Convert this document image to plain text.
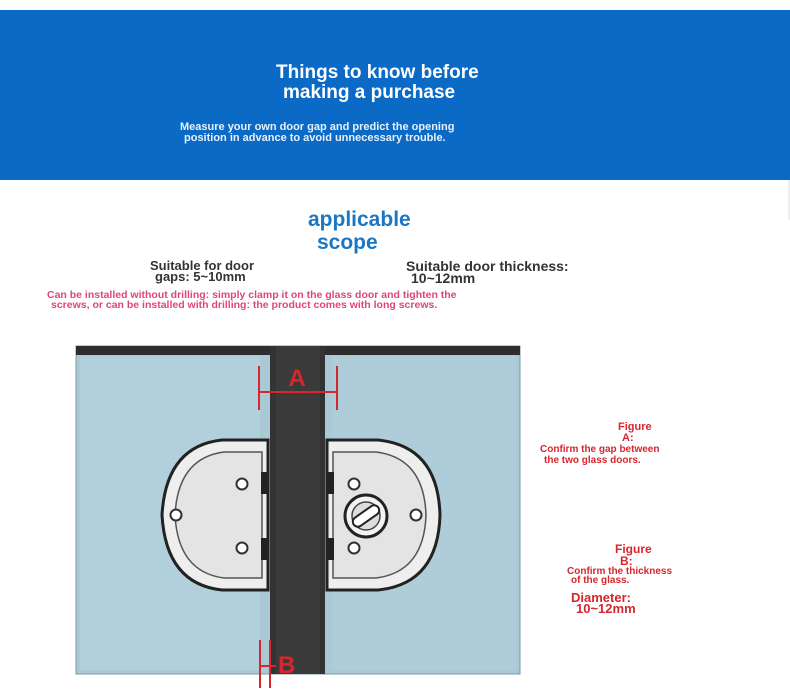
Things to know before
making a purchase

Measure your own door gap and predict the opening
position in advance to avoid unnecessary trouble.

applicable
scope
Suitable for door
gaps: 5~10mm
Suitable door thickness:
10~12mm
Can be installed without drilling: simply clamp it on the glass door and tighten the
screws, or can be installed with drilling: the product comes with long screws.
A
B
Figure
A:
Confirm the gap between
the two glass doors.
Figure
B:
Confirm the thickness
of the glass.
Diameter:
10~12mm
